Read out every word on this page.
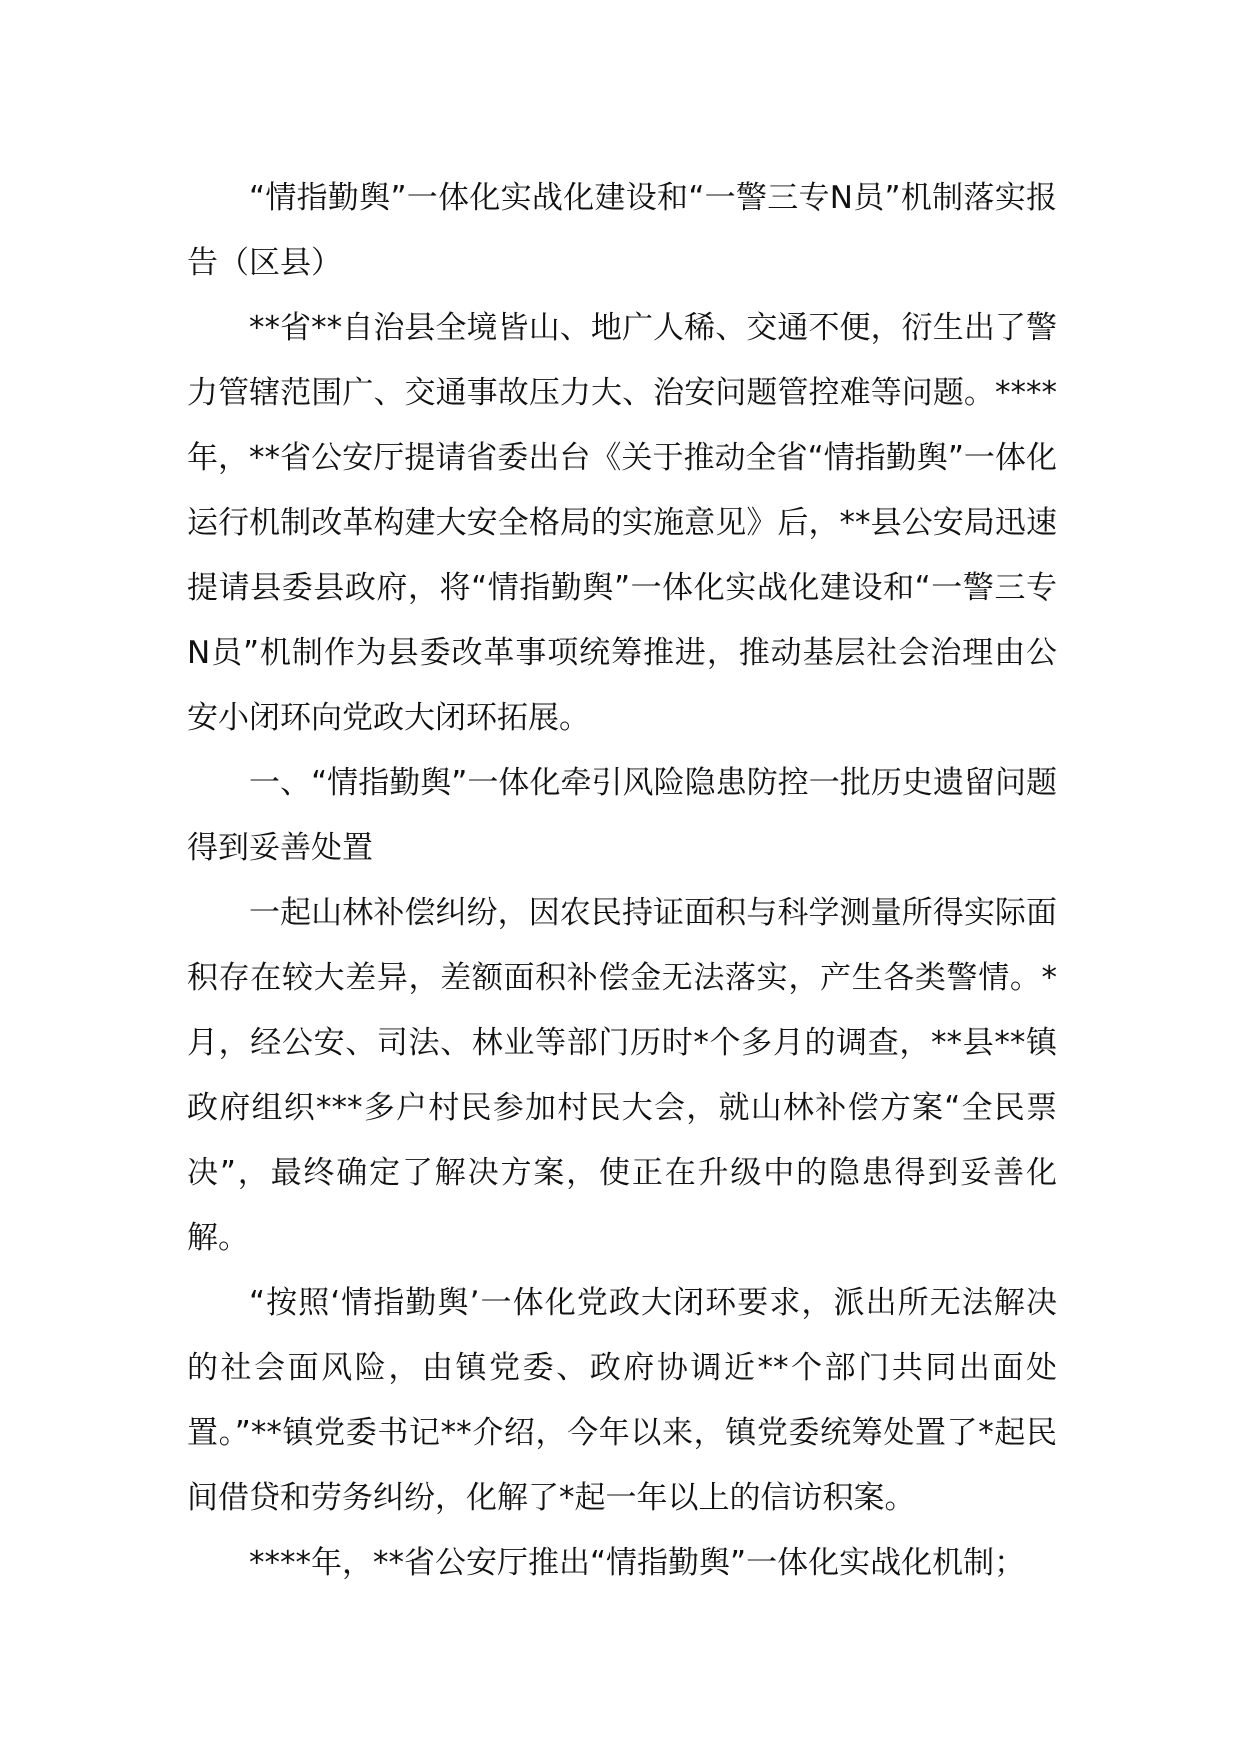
“情指勤舆”一体化实战化建设和“一警三专N员”机制落实报告（区县）

**省**自治县全境皆山、地广人稀、交通不便，衍生出了警力管辖范围广、交通事故压力大、治安问题管控难等问题。****年，**省公安厅提请省委出台《关于推动全省“情指勤舆”一体化运行机制改革构建大安全格局的实施意见》后，**县公安局迅速提请县委县政府，将“情指勤舆”一体化实战化建设和“一警三专N员”机制作为县委改革事项统筹推进，推动基层社会治理由公安小闭环向党政大闭环拓展。

一、“情指勤舆”一体化牵引风险隐患防控一批历史遗留问题得到妥善处置

一起山林补偿纠纷，因农民持证面积与科学测量所得实际面积存在较大差异，差额面积补偿金无法落实，产生各类警情。*月，经公安、司法、林业等部门历时*个多月的调查，**县**镇政府组织***多户村民参加村民大会，就山林补偿方案“全民票决”，最终确定了解决方案，使正在升级中的隐患得到妥善化解。

“按照‘情指勤舆’一体化党政大闭环要求，派出所无法解决的社会面风险，由镇党委、政府协调近**个部门共同出面处置。”**镇党委书记**介绍，今年以来，镇党委统筹处置了*起民间借贷和劳务纠纷，化解了*起一年以上的信访积案。

****年，**省公安厅推出“情指勤舆”一体化实战化机制；
